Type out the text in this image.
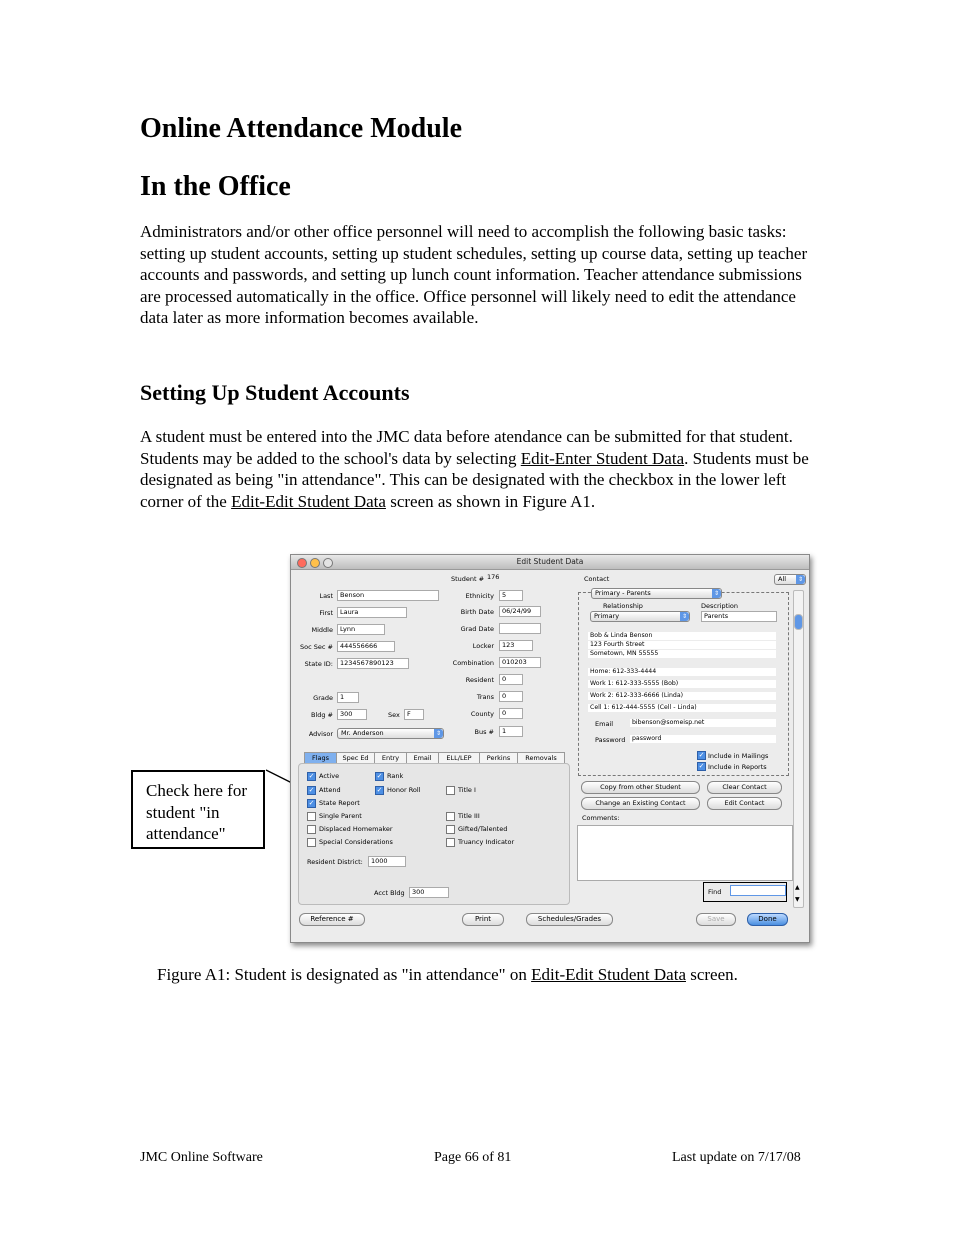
Online Attendance Module
In the Office

Administrators and/or other office personnel will need to accomplish the following basic tasks: setting up student accounts, setting up student schedules, setting up course data, setting up teacher accounts and passwords, and setting up lunch count information. Teacher attendance submissions are processed automatically in the office. Office personnel will likely need to edit the attendance data later as more information becomes available.

Setting Up Student Accounts

A student must be entered into the JMC data before atendance can be submitted for that student. Students may be added to the school's data by selecting Edit-Enter Student Data. Students must be designated as being "in attendance". This can be designated with the checkbox in the lower left corner of the Edit-Edit Student Data screen as shown in Figure A1.

Check here for student "in attendance"
Edit Student Data
Student # 176
Last	Benson
First	Laura
Middle	Lynn
Soc Sec #	444556666
State ID:	1234567890123
Grade	1
Bldg #	300
Advisor	Mr. Anderson	⇕
Sex	F
Ethnicity	5
Birth Date	06/24/99
Grad Date
Locker	123
Combination	010203
Resident	0
Trans	0
County	0
Bus #	1
Flags	Spec Ed	Entry	Email	ELL/LEP	Perkins	Removals
✓ Active	✓ Rank
✓ Attend	✓ Honor Roll	Title I
✓ State Report
Single Parent	Title III
Displaced Homemaker	Gifted/Talented
Special Considerations	Truancy Indicator
Resident District:	1000
Acct Bldg	300
Contact	All	⇕
Primary - Parents	⇕
Relationship
Primary	⇕
Description
Parents
Bob & Linda Benson
123 Fourth Street
Sometown, MN 55555
Home: 612-333-4444
Work 1: 612-333-5555 (Bob)
Work 2: 612-333-6666 (Linda)
Cell 1: 612-444-5555 (Cell - Linda)
Email	bibenson@someisp.net
Password	password
✓ Include in Mailings
✓ Include in Reports
Copy from other Student	Clear Contact
Change an Existing Contact	Edit Contact
Comments:
Find
▲
▼
Reference #	Print	Schedules/Grades	Save	Done
Figure A1: Student is designated as "in attendance" on Edit-Edit Student Data screen.
JMC Online Software	Page 66 of 81	Last update on 7/17/08
